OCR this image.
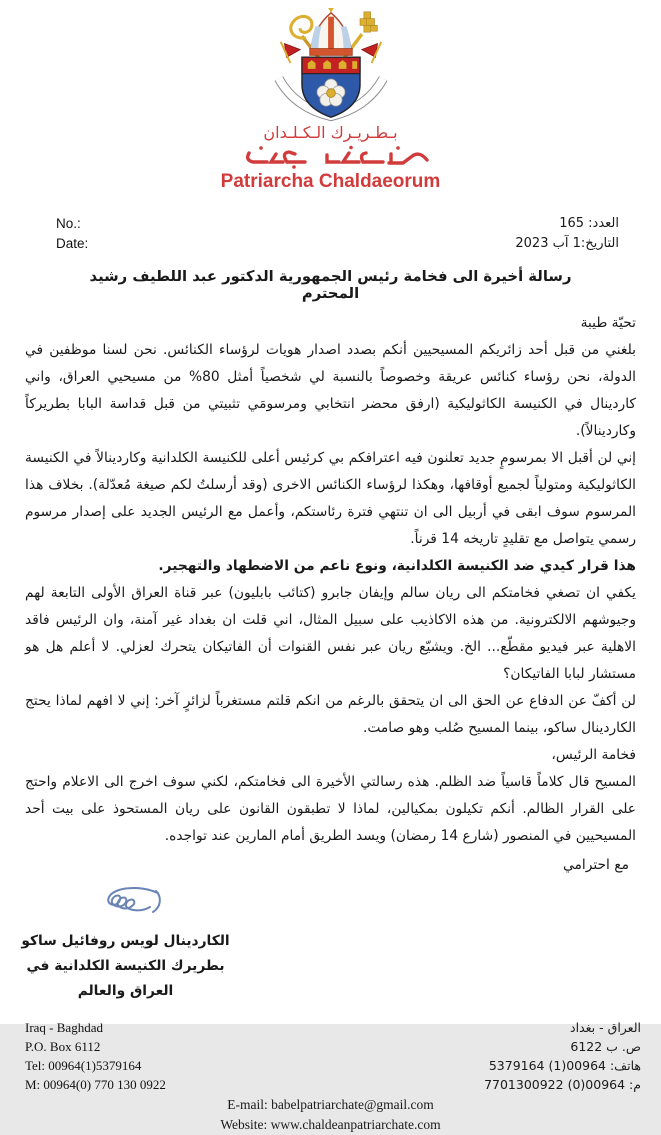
بـطـريـرك الـكـلـدان
Patriarcha Chaldaeorum
No.:
Date:
العدد: 165
التاريخ:1 آب 2023
رسالة أخيرة الى فخامة رئيس الجمهورية الدكتور عبد اللطيف رشيد المحترم

تحيّة طيبة

بلغني من قبل أحد زائريكم المسيحيين أنكم بصدد اصدار هويات لرؤساء الكنائس. نحن لسنا موظفين في الدولة، نحن رؤساء كنائس عريقة وخصوصاً بالنسبة لي شخصياً أمثل 80% من مسيحيي العراق، واني كاردينال في الكنيسة الكاثوليكية (ارفق محضر انتخابي ومرسومَي تثبيتي من قبل قداسة البابا بطريركاً وكاردينالاً).

إني لن أقبل الا بمرسومٍ جديد تعلنون فيه اعترافكم بي كرئيس أعلى للكنيسة الكلدانية وكاردينالاً في الكنيسة الكاثوليكية ومتولياً لجميع أوقافها، وهكذا لرؤساء الكنائس الاخرى (وقد أرسلتُ لكم صيغة مُعدّلة). بخلاف هذا المرسوم سوف ابقى في أربيل الى ان تنتهي فترة رئاستكم، وأعمل مع الرئيس الجديد على إصدار مرسوم رسمي يتواصل مع تقليدٍ تاريخه 14 قرناً.

هذا قرار كيدي ضد الكنيسة الكلدانية، ونوع ناعم من الاضطهاد والتهجير.

يكفي ان تصغي فخامتكم الى ريان سالم وإيفان جابرو (كتائب بابليون) عبر قناة العراق الأولى التابعة لهم وجيوشهم الالكترونية. من هذه الاكاذيب على سبيل المثال، اني قلت ان بغداد غير آمنة، وان الرئيس فاقد الاهلية عبر فيديو مقطّع... الخ. ويشيّع ريان عبر نفس القنوات أن الفاتيكان يتحرك لعزلي. لا أعلم هل هو مستشار لبابا الفاتيكان؟

لن أكفّ عن الدفاع عن الحق الى ان يتحقق بالرغم من انكم قلتم مستغرباً لزائرٍ آخر: إني لا افهم لماذا يحتج الكاردينال ساكو، بينما المسيح صُلب وهو صامت.

فخامة الرئيس،

المسيح قال كلاماً قاسياً ضد الظلم. هذه رسالتي الأخيرة الى فخامتكم، لكني سوف اخرج الى الاعلام واحتج على القرار الظالم. أنكم تكيلون بمكيالين، لماذا لا تطبقون القانون على ريان المستحوذ على بيت أحد المسيحيين في المنصور (شارع 14 رمضان) ويسد الطريق أمام المارين عند تواجده.

مع احترامي
الكاردينال لويس روفائيل ساكو
بطريرك الكنيسة الكلدانية في العراق والعالم
Iraq - Baghdad
P.O. Box 6112
Tel: 00964(1)5379164
M: 00964(0) 770 130 0922
العراق - بغداد
ص. ب 6122
هاتف: 00964(1) 5379164
م: 00964(0) 7701300922
E-mail: babelpatriarchate@gmail.com
Website: www.chaldeanpatriarchate.com
